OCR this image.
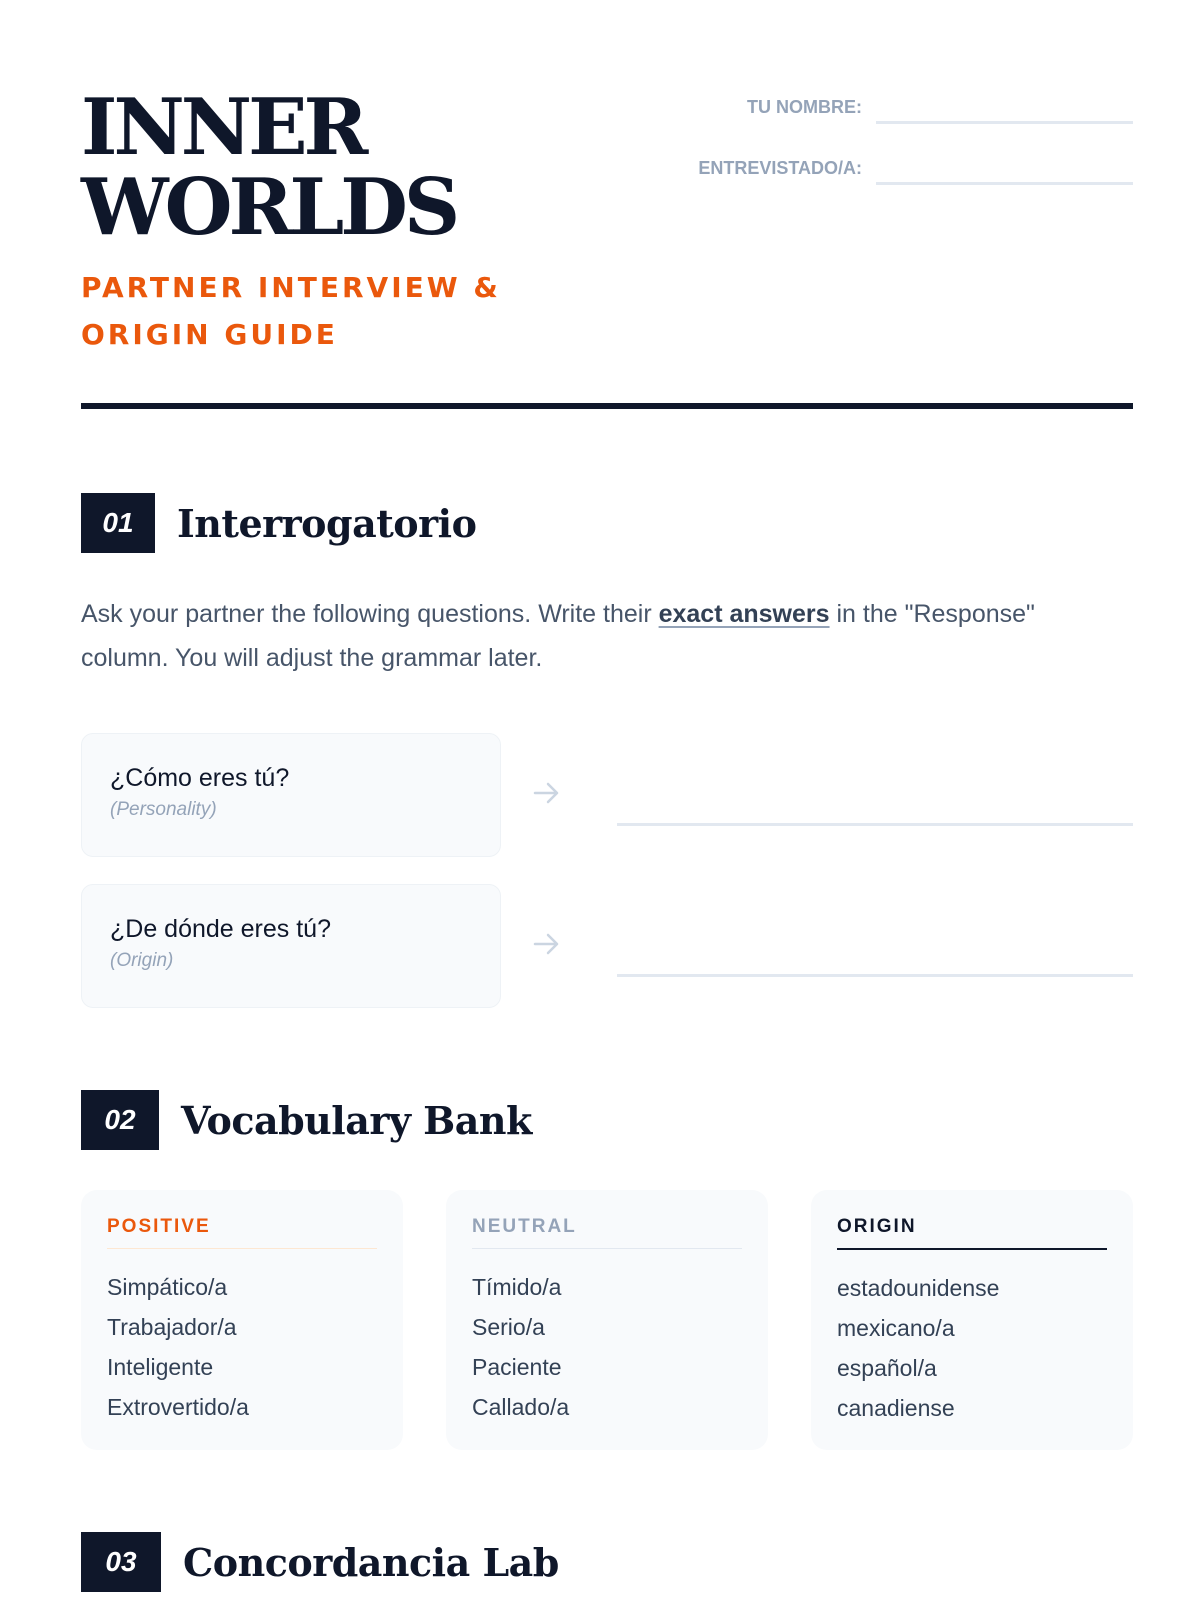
INNER
WORLDS
PARTNER INTERVIEW & ORIGIN GUIDE
TU NOMBRE:
ENTREVISTADO/A:
01	Interrogatorio

Ask your partner the following questions. Write their exact answers in the "Response" column. You will adjust the grammar later.

¿Cómo eres tú?
(Personality)
¿De dónde eres tú?
(Origin)
02	Vocabulary Bank
POSITIVE
Simpático/a
Trabajador/a
Inteligente
Extrovertido/a
NEUTRAL
Tímido/a
Serio/a
Paciente
Callado/a
ORIGIN
estadounidense
mexicano/a
español/a
canadiense
03	Concordancia Lab
